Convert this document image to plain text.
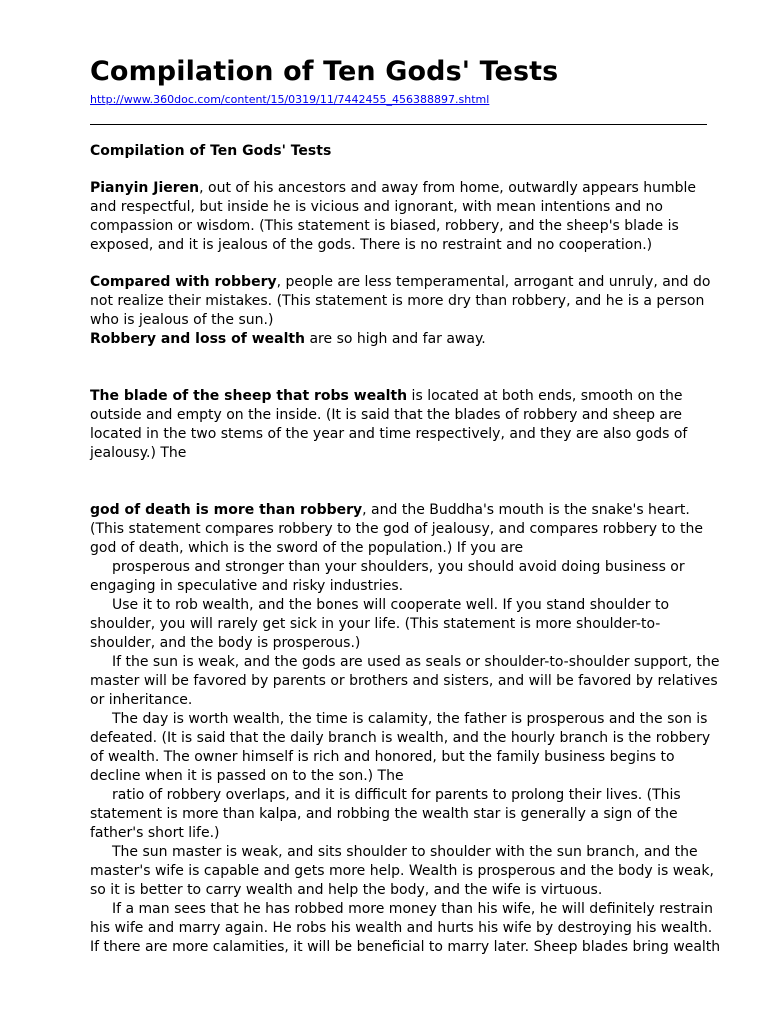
Compilation of Ten Gods' Tests
http://www.360doc.com/content/15/0319/11/7442455_456388897.shtml
Compilation of Ten Gods' Tests

Pianyin Jieren, out of his ancestors and away from home, outwardly appears humble and respectful, but inside he is vicious and ignorant, with mean intentions and no compassion or wisdom. (This statement is biased, robbery, and the sheep's blade is exposed, and it is jealous of the gods. There is no restraint and no cooperation.)

Compared with robbery, people are less temperamental, arrogant and unruly, and do not realize their mistakes. (This statement is more dry than robbery, and he is a person who is jealous of the sun.)

Robbery and loss of wealth are so high and far away.

The blade of the sheep that robs wealth is located at both ends, smooth on the outside and empty on the inside. (It is said that the blades of robbery and sheep are located in the two stems of the year and time respectively, and they are also gods of jealousy.) The

god of death is more than robbery, and the Buddha's mouth is the snake's heart. (This statement compares robbery to the god of jealousy, and compares robbery to the god of death, which is the sword of the population.) If you are

prosperous and stronger than your shoulders, you should avoid doing business or engaging in speculative and risky industries.

Use it to rob wealth, and the bones will cooperate well. If you stand shoulder to shoulder, you will rarely get sick in your life. (This statement is more shoulder-to-shoulder, and the body is prosperous.)

If the sun is weak, and the gods are used as seals or shoulder-to-shoulder support, the master will be favored by parents or brothers and sisters, and will be favored by relatives or inheritance.

The day is worth wealth, the time is calamity, the father is prosperous and the son is defeated. (It is said that the daily branch is wealth, and the hourly branch is the robbery of wealth. The owner himself is rich and honored, but the family business begins to decline when it is passed on to the son.) The

ratio of robbery overlaps, and it is difficult for parents to prolong their lives. (This statement is more than kalpa, and robbing the wealth star is generally a sign of the father's short life.)

The sun master is weak, and sits shoulder to shoulder with the sun branch, and the master's wife is capable and gets more help. Wealth is prosperous and the body is weak, so it is better to carry wealth and help the body, and the wife is virtuous.

If a man sees that he has robbed more money than his wife, he will definitely restrain his wife and marry again. He robs his wealth and hurts his wife by destroying his wealth. If there are more calamities, it will be beneficial to marry later. Sheep blades bring wealth
